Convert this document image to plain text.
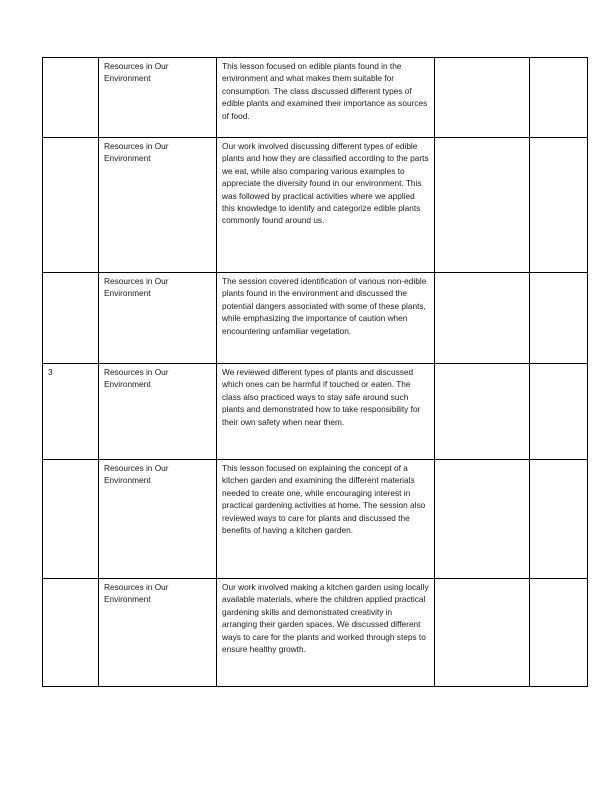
	Resources in Our Environment	This lesson focused on edible plants found in the environment and what makes them suitable for consumption. The class discussed different types of edible plants and examined their importance as sources of food.		
	Resources in Our Environment	Our work involved discussing different types of edible plants and how they are classified according to the parts we eat, while also comparing various examples to appreciate the diversity found in our environment. This was followed by practical activities where we applied this knowledge to identify and categorize edible plants commonly found around us.		
	Resources in Our Environment	The session covered identification of various non-edible plants found in the environment and discussed the potential dangers associated with some of these plants, while emphasizing the importance of caution when encountering unfamiliar vegetation.		
3	Resources in Our Environment	We reviewed different types of plants and discussed which ones can be harmful if touched or eaten. The class also practiced ways to stay safe around such plants and demonstrated how to take responsibility for their own safety when near them.		
	Resources in Our Environment	This lesson focused on explaining the concept of a kitchen garden and examining the different materials needed to create one, while encouraging interest in practical gardening activities at home. The session also reviewed ways to care for plants and discussed the benefits of having a kitchen garden.		
	Resources in Our Environment	Our work involved making a kitchen garden using locally available materials, where the children applied practical gardening skills and demonstrated creativity in arranging their garden spaces. We discussed different ways to care for the plants and worked through steps to ensure healthy growth.		
